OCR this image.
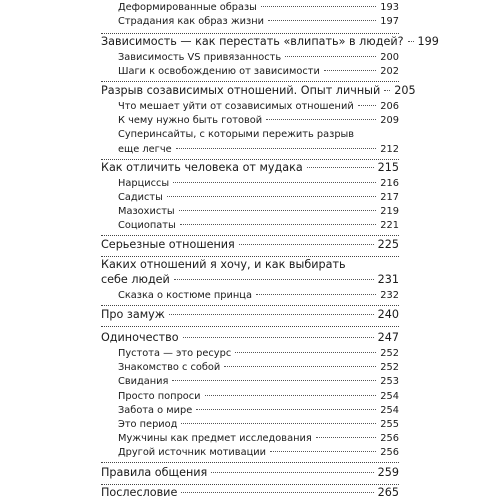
Деформированные образы	193
Страдания как образ жизни	197
Зависимость — как перестать «влипать» в людей? 199
Зависимость VS привязанность	200
Шаги к освобождению от зависимости	202
Разрыв созависимых отношений. Опыт личный 205
Что мешает уйти от созависимых отношений	206
К чему нужно быть готовой	209
Суперинсайты, с которыми пережить разрыв
еще легче	212
Как отличить человека от мудака	215
Нарциссы	216
Садисты	217
Мазохисты	219
Социопаты	221
Серьезные отношения	225
Каких отношений я хочу, и как выбирать
себе людей	231
Сказка о костюме принца	232
Про замуж	240
Одиночество	247
Пустота — это ресурс	252
Знакомство с собой	252
Свидания	253
Просто попроси	254
Забота о мире	254
Это период	255
Мужчины как предмет исследования	256
Другой источник мотивации	256
Правила общения	259
Послесловие	265
